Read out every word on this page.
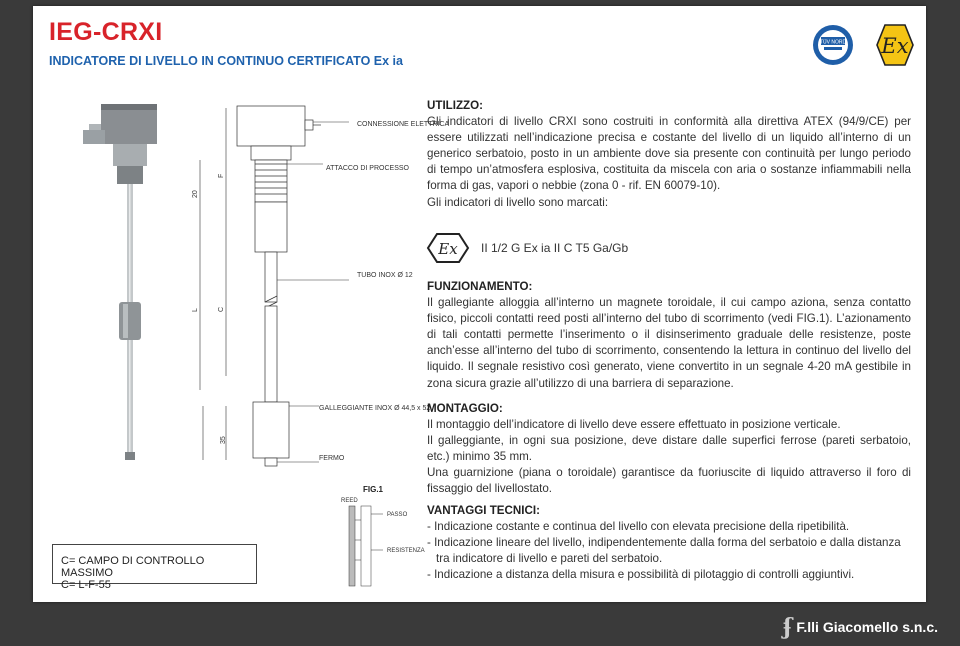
IEG-CRXI
INDICATORE DI LIVELLO IN CONTINUO CERTIFICATO Ex ia
TÜV NORD Ex
20
F
L	C
35
CONNESSIONE ELETTRICA
ATTACCO DI PROCESSO
TUBO INOX Ø 12
GALLEGGIANTE INOX Ø 44,5 x 52
FERMO
FIG.1
REED
PASSO
RESISTENZA
C= CAMPO DI CONTROLLO MASSIMO
C= L-F-55
UTILIZZO:

Gli indicatori di livello CRXI sono costruiti in conformità alla direttiva ATEX (94/9/CE) per essere utilizzati nell’indicazione precisa e costante del livello di un liquido all’interno di un generico serbatoio, posto in un ambiente dove sia presente con continuità per lungo periodo di tempo un’atmosfera esplosiva, costituita da miscela con aria o sostanze infiammabili nella forma di gas, vapori o nebbie (zona 0 - rif. EN 60079-10).

Gli indicatori di livello sono marcati:

Ex II 1/2 G Ex ia II C T5 Ga/Gb
FUNZIONAMENTO:

Il gallegiante alloggia all’interno un magnete toroidale, il cui campo aziona, senza contatto fisico, piccoli contatti reed posti all’interno del tubo di scorrimento (vedi FIG.1). L’azionamento di tali contatti permette l’inserimento o il disinserimento graduale delle resistenze, poste anch’esse all’interno del tubo di scorrimento, consentendo la lettura in continuo del livello del liquido. Il segnale resistivo così generato, viene convertito in un segnale 4-20 mA gestibile in zona sicura grazie all’utilizzo di una barriera di separazione.

MONTAGGIO:

Il montaggio dell’indicatore di livello deve essere effettuato in posizione verticale.

Il galleggiante, in ogni sua posizione, deve distare dalle superfici ferrose (pareti serbatoio, etc.) minimo 35 mm.

Una guarnizione (piana o toroidale) garantisce da fuoriuscite di liquido attraverso il foro di fissaggio del livellostato.

VANTAGGI TECNICI:

- Indicazione costante e continua del livello con elevata precisione della ripetibilità.

- Indicazione lineare del livello, indipendentemente dalla forma del serbatoio e dalla distanza

tra indicatore di livello e pareti del serbatoio.

- Indicazione a distanza della misura e possibilità di pilotaggio di controlli aggiuntivi.

ʄ F.lli Giacomello s.n.c.
